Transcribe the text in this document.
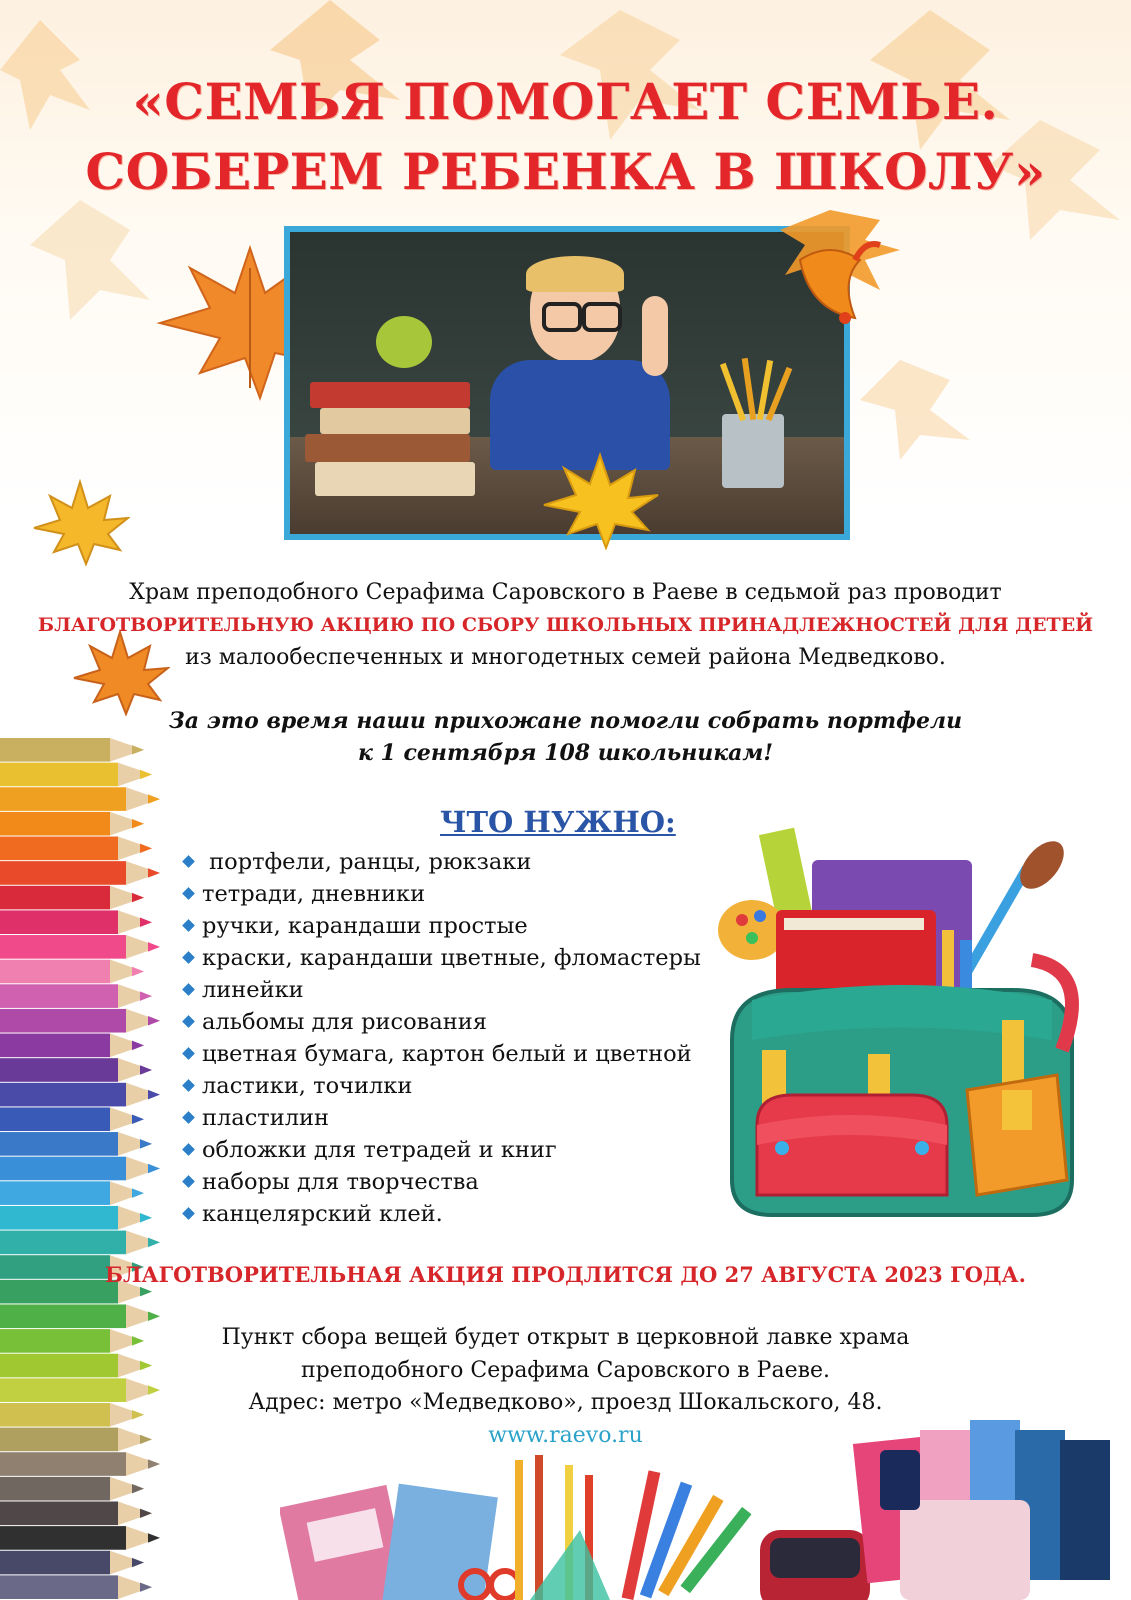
«СЕМЬЯ ПОМОГАЕТ СЕМЬЕ.
СОБЕРЕМ РЕБЕНКА В ШКОЛУ»
Храм преподобного Серафима Саровского в Раеве в седьмой раз проводит
БЛАГОТВОРИТЕЛЬНУЮ АКЦИЮ ПО СБОРУ ШКОЛЬНЫХ ПРИНАДЛЕЖНОСТЕЙ ДЛЯ ДЕТЕЙ
из малообеспеченных и многодетных семей района Медведково.
За это время наши прихожане помогли собрать портфели
к 1 сентября 108 школьникам!
ЧТО НУЖНО:
портфели, ранцы, рюкзаки
тетради, дневники
ручки, карандаши простые
краски, карандаши цветные, фломастеры
линейки
альбомы для рисования
цветная бумага, картон белый и цветной
ластики, точилки
пластилин
обложки для тетрадей и книг
наборы для творчества
канцелярский клей.
БЛАГОТВОРИТЕЛЬНАЯ АКЦИЯ ПРОДЛИТСЯ ДО 27 АВГУСТА 2023 ГОДА.
Пункт сбора вещей будет открыт в церковной лавке храма
преподобного Серафима Саровского в Раеве.
Адрес: метро «Медведково», проезд Шокальского, 48.
www.raevo.ru
